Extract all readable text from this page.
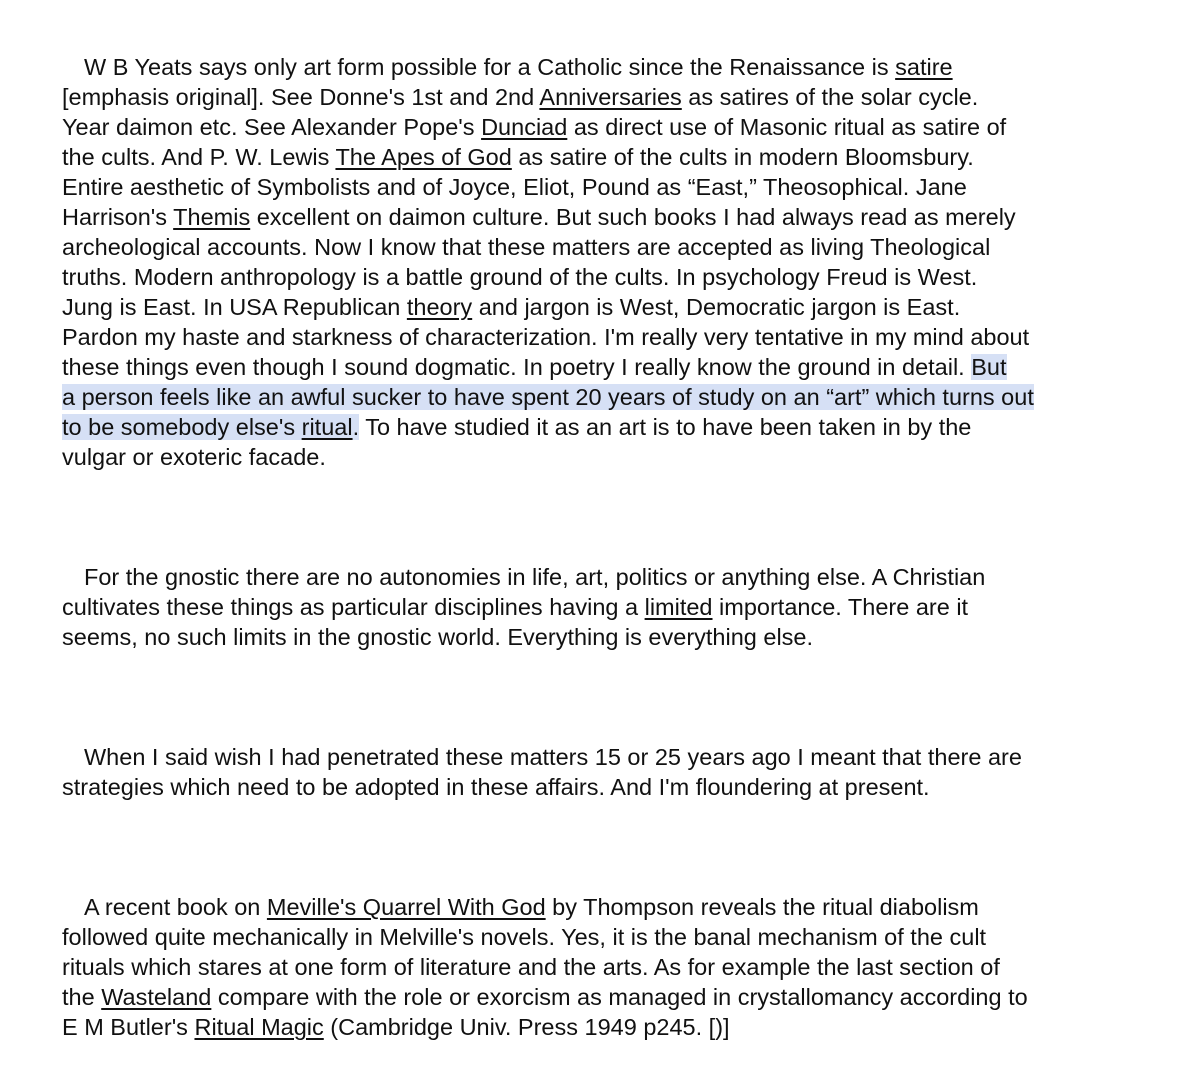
W B Yeats says only art form possible for a Catholic since the Renaissance is satire
[emphasis original]. See Donne's 1st and 2nd Anniversaries as satires of the solar cycle.
Year daimon etc. See Alexander Pope's Dunciad as direct use of Masonic ritual as satire of
the cults. And P. W. Lewis The Apes of God as satire of the cults in modern Bloomsbury.
Entire aesthetic of Symbolists and of Joyce, Eliot, Pound as “East,” Theosophical. Jane
Harrison's Themis excellent on daimon culture. But such books I had always read as merely
archeological accounts. Now I know that these matters are accepted as living Theological
truths. Modern anthropology is a battle ground of the cults. In psychology Freud is West.
Jung is East. In USA Republican theory and jargon is West, Democratic jargon is East.
Pardon my haste and starkness of characterization. I'm really very tentative in my mind about
these things even though I sound dogmatic. In poetry I really know the ground in detail. But
a person feels like an awful sucker to have spent 20 years of study on an “art” which turns out
to be somebody else's ritual. To have studied it as an art is to have been taken in by the
vulgar or exoteric facade.

For the gnostic there are no autonomies in life, art, politics or anything else. A Christian
cultivates these things as particular disciplines having a limited importance. There are it
seems, no such limits in the gnostic world. Everything is everything else.

When I said wish I had penetrated these matters 15 or 25 years ago I meant that there are
strategies which need to be adopted in these affairs. And I'm floundering at present.

A recent book on Meville's Quarrel With God by Thompson reveals the ritual diabolism
followed quite mechanically in Melville's novels. Yes, it is the banal mechanism of the cult
rituals which stares at one form of literature and the arts. As for example the last section of
the Wasteland compare with the role or exorcism as managed in crystallomancy according to
E M Butler's Ritual Magic (Cambridge Univ. Press 1949 p245. [)]
